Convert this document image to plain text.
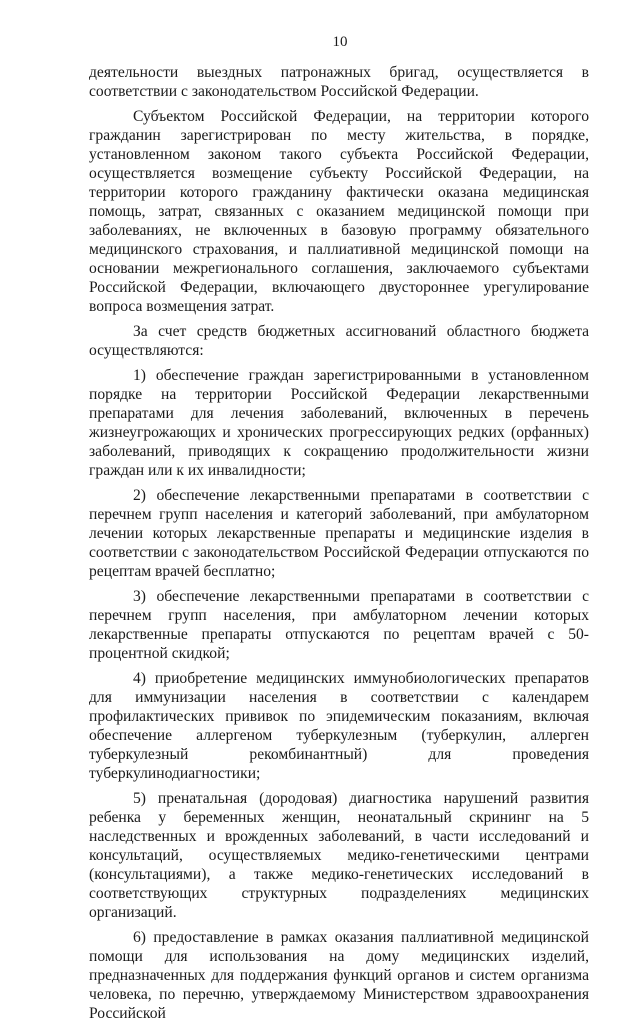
10

деятельности выездных патронажных бригад, осуществляется в соответствии с законодательством Российской Федерации.

Субъектом Российской Федерации, на территории которого гражданин зарегистрирован по месту жительства, в порядке, установленном законом такого субъекта Российской Федерации, осуществляется возмещение субъекту Российской Федерации, на территории которого гражданину фактически оказана медицинская помощь, затрат, связанных с оказанием медицинской помощи при заболеваниях, не включенных в базовую программу обязательного медицинского страхования, и паллиативной медицинской помощи на основании межрегионального соглашения, заключаемого субъектами Российской Федерации, включающего двустороннее урегулирование вопроса возмещения затрат.

За счет средств бюджетных ассигнований областного бюджета осуществляются:

1) обеспечение граждан зарегистрированными в установленном порядке на территории Российской Федерации лекарственными препаратами для лечения заболеваний, включенных в перечень жизнеугрожающих и хронических прогрессирующих редких (орфанных) заболеваний, приводящих к сокращению продолжительности жизни граждан или к их инвалидности;

2) обеспечение лекарственными препаратами в соответствии с перечнем групп населения и категорий заболеваний, при амбулаторном лечении которых лекарственные препараты и медицинские изделия в соответствии с законодательством Российской Федерации отпускаются по рецептам врачей бесплатно;

3) обеспечение лекарственными препаратами в соответствии с перечнем групп населения, при амбулаторном лечении которых лекарственные препараты отпускаются по рецептам врачей с 50-процентной скидкой;

4) приобретение медицинских иммунобиологических препаратов для иммунизации населения в соответствии с календарем профилактических прививок по эпидемическим показаниям, включая обеспечение аллергеном туберкулезным (туберкулин, аллерген туберкулезный рекомбинантный) для проведения туберкулинодиагностики;

5) пренатальная (дородовая) диагностика нарушений развития ребенка у беременных женщин, неонатальный скрининг на 5 наследственных и врожденных заболеваний, в части исследований и консультаций, осуществляемых медико-генетическими центрами (консультациями), а также медико-генетических исследований в соответствующих структурных подразделениях медицинских организаций.

6) предоставление в рамках оказания паллиативной медицинской помощи для использования на дому медицинских изделий, предназначенных для поддержания функций органов и систем организма человека, по перечню, утверждаемому Министерством здравоохранения Российской
